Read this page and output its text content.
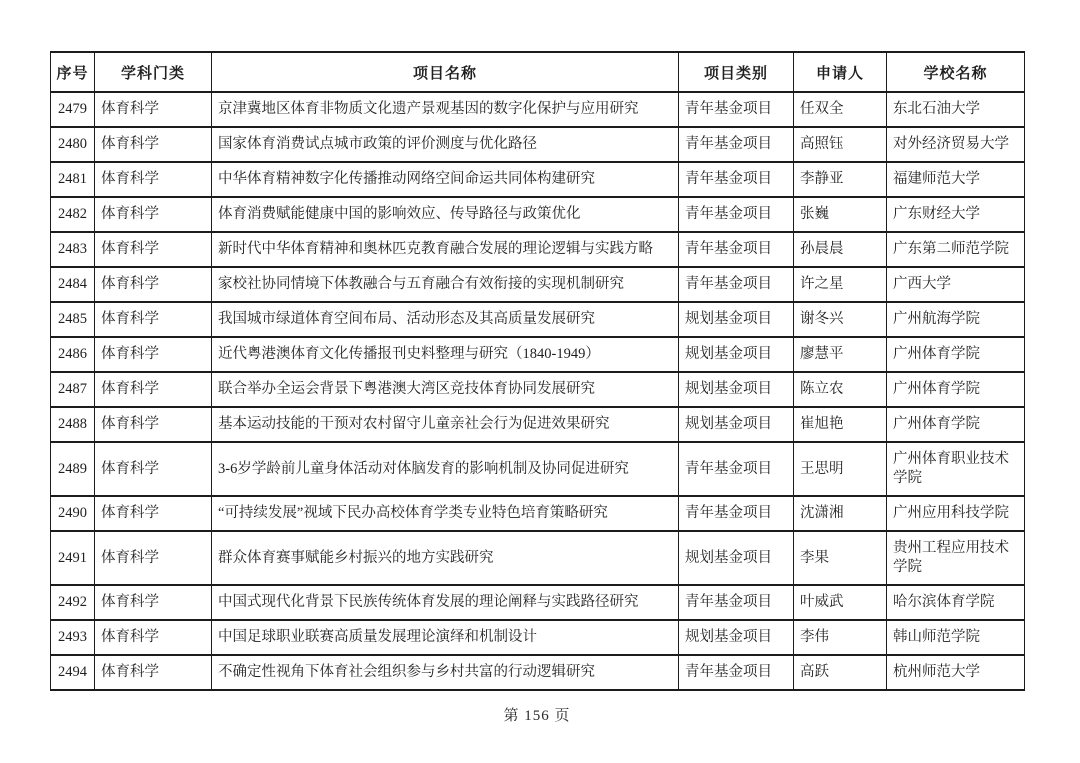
序号	学科门类	项目名称	项目类别	申请人	学校名称
2479	体育科学	京津冀地区体育非物质文化遗产景观基因的数字化保护与应用研究	青年基金项目	任双全	东北石油大学
2480	体育科学	国家体育消费试点城市政策的评价测度与优化路径	青年基金项目	高照钰	对外经济贸易大学
2481	体育科学	中华体育精神数字化传播推动网络空间命运共同体构建研究	青年基金项目	李静亚	福建师范大学
2482	体育科学	体育消费赋能健康中国的影响效应、传导路径与政策优化	青年基金项目	张巍	广东财经大学
2483	体育科学	新时代中华体育精神和奥林匹克教育融合发展的理论逻辑与实践方略	青年基金项目	孙晨晨	广东第二师范学院
2484	体育科学	家校社协同情境下体教融合与五育融合有效衔接的实现机制研究	青年基金项目	许之星	广西大学
2485	体育科学	我国城市绿道体育空间布局、活动形态及其高质量发展研究	规划基金项目	谢冬兴	广州航海学院
2486	体育科学	近代粤港澳体育文化传播报刊史料整理与研究（1840-1949）	规划基金项目	廖慧平	广州体育学院
2487	体育科学	联合举办全运会背景下粤港澳大湾区竞技体育协同发展研究	规划基金项目	陈立农	广州体育学院
2488	体育科学	基本运动技能的干预对农村留守儿童亲社会行为促进效果研究	规划基金项目	崔旭艳	广州体育学院
2489	体育科学	3-6岁学龄前儿童身体活动对体脑发育的影响机制及协同促进研究	青年基金项目	王思明	广州体育职业技术学院
2490	体育科学	“可持续发展”视域下民办高校体育学类专业特色培育策略研究	青年基金项目	沈潇湘	广州应用科技学院
2491	体育科学	群众体育赛事赋能乡村振兴的地方实践研究	规划基金项目	李果	贵州工程应用技术学院
2492	体育科学	中国式现代化背景下民族传统体育发展的理论阐释与实践路径研究	青年基金项目	叶威武	哈尔滨体育学院
2493	体育科学	中国足球职业联赛高质量发展理论演绎和机制设计	规划基金项目	李伟	韩山师范学院
2494	体育科学	不确定性视角下体育社会组织参与乡村共富的行动逻辑研究	青年基金项目	高跃	杭州师范大学
第 156 页
